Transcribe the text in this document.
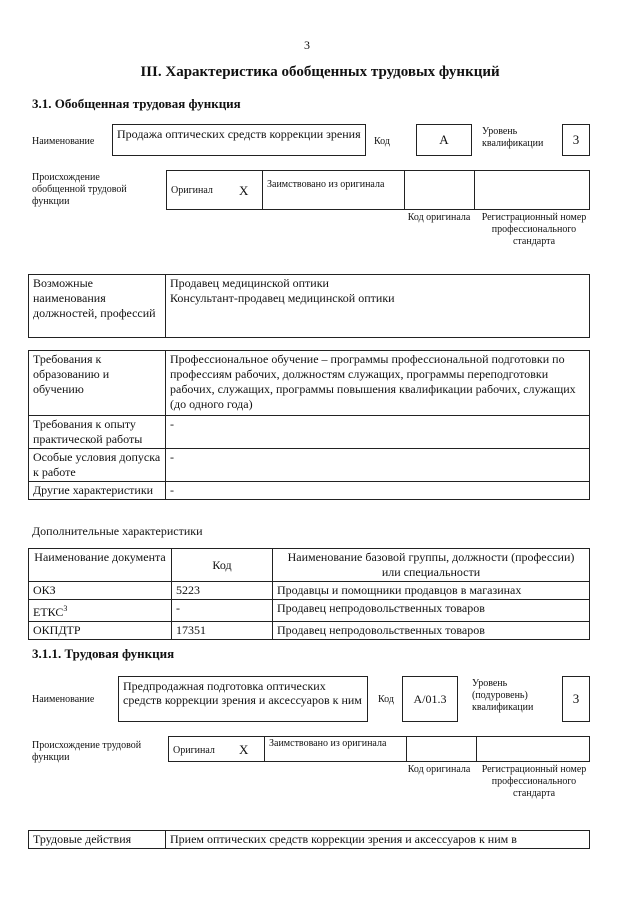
3
III. Характеристика обобщенных трудовых функций
3.1. Обобщенная трудовая функция
Наименование
Продажа оптических средств коррекции зрения
Код	А
Уровень квалификации	3
Происхождение обобщенной трудовой функции
Оригинал Х Заимствовано из оригинала
Код оригинала	Регистрационный номер профессионального стандарта
Возможные наименования должностей, профессий	
Продавец медицинской оптики
Консультант-продавец медицинской оптики
Требования к образованию и обучению	Профессиональное обучение – программы профессиональной подготовки по профессиям рабочих, должностям служащих, программы переподготовки рабочих, служащих, программы повышения квалификации рабочих, служащих (до одного года)
Требования к опыту практической работы	-
Особые условия допуска к работе	-
Другие характеристики	-
Дополнительные характеристики
Наименование документа	Код	Наименование базовой группы, должности (профессии) или специальности
ОКЗ	5223	Продавцы и помощники продавцов в магазинах
ЕТКС$^3$	-	Продавец непродовольственных товаров
ОКПДТР	17351	Продавец непродовольственных товаров
3.1.1. Трудовая функция
Наименование
Предпродажная подготовка оптических средств коррекции зрения и аксессуаров к ним	Код	А/01.3
Уровень (подуровень) квалификации
3
Происхождение трудовой функции
Оригинал Х Заимствовано из оригинала
Код оригинала	Регистрационный номер профессионального стандарта
Трудовые действия	Прием оптических средств коррекции зрения и аксессуаров к ним в
